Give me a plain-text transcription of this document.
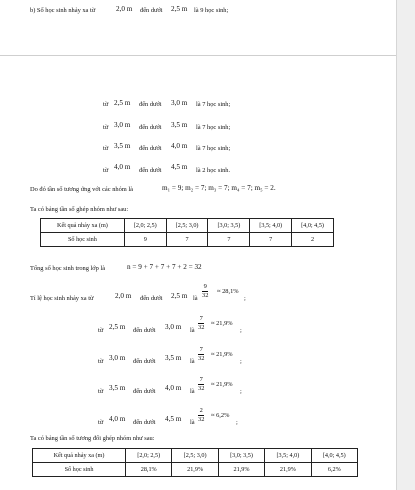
b) Số học sinh nhảy xa từ	2,0 m đến dưới 2,5 m là 9 học sinh;
từ 2,5 m đến dưới 3,0 m là 7 học sinh;
từ 3,0 m đến dưới 3,5 m là 7 học sinh;
từ 3,5 m đến dưới 4,0 m là 7 học sinh;
từ 4,0 m đến dưới 4,5 m là 2 học sinh.
Do đó tần số tương ứng với các nhóm là	m₁ = 9; m₂ = 7; m₃ = 7; m₄ = 7; m₅ = 2.
Ta có bảng tần số ghép nhóm như sau:
Kết quả nhảy xa (m)	[2,0; 2,5)	[2,5; 3,0)	[3,0; 3,5)	[3,5; 4,0)	[4,0; 4,5)
Số học sinh	9	7	7	7	2
Tổng số học sinh trong lớp là	n = 9 + 7 + 7 + 7 + 2 = 32
Tỉ lệ học sinh nhảy xa từ	2,0 m đến dưới 2,5 m là $\frac{9}{32} \approx 28,1\%$
;
từ 2,5 m đến dưới 3,0 m là $\frac{7}{32} \approx 21,9\%$
;
từ 3,0 m đến dưới 3,5 m là $\frac{7}{32} \approx 21,9\%$
;
từ 3,5 m đến dưới 4,0 m là $\frac{7}{32} \approx 21,9\%$
;
từ 4,0 m đến dưới 4,5 m là $\frac{2}{32} \approx 6,2\%$
;
Ta có bảng tần số tương đối ghép nhóm như sau:
Kết quả nhảy xa (m)	[2,0; 2,5)	[2,5; 3,0)	[3,0; 3,5)	[3,5; 4,0)	[4,0; 4,5)
Số học sinh	28,1%	21,9%	21,9%	21,9%	6,2%
